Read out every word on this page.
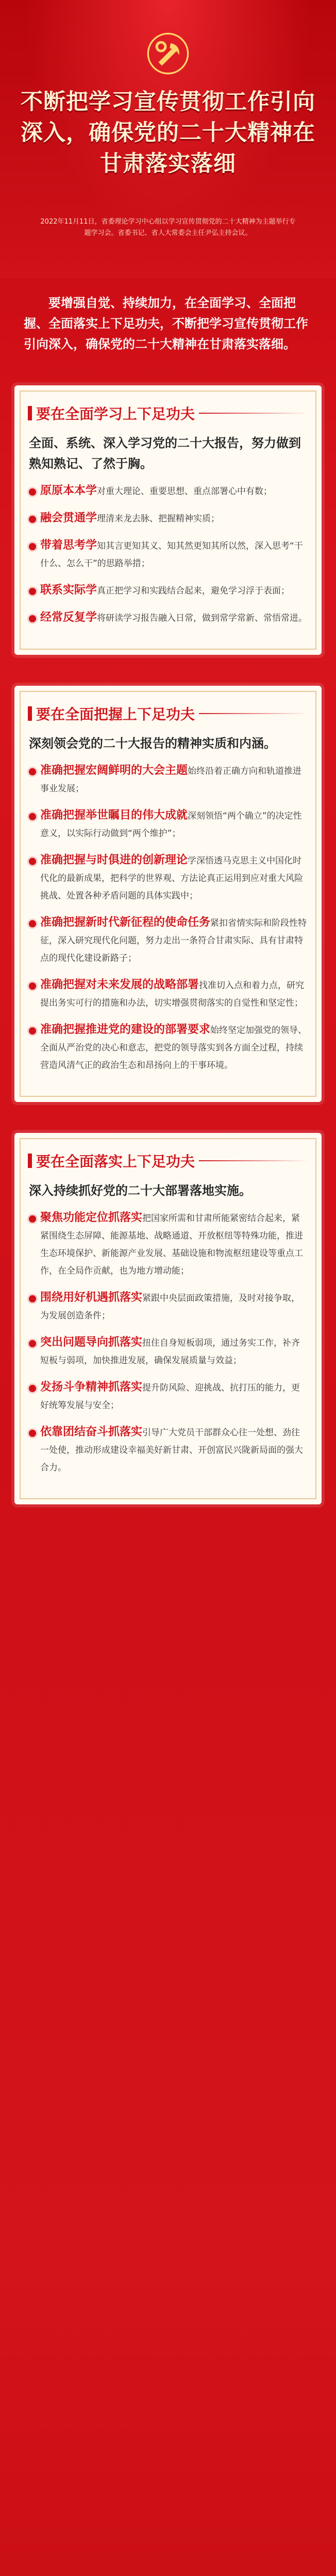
不断把学习宣传贯彻工作引向深入，确保党的二十大精神在甘肃落实落细
2022年11月11日，省委理论学习中心组以学习宣传贯彻党的二十大精神为主题举行专题学习会。省委书记、省人大常委会主任尹弘主持会议。
要增强自觉、持续加力，在全面学习、全面把握、全面落实上下足功夫，不断把学习宣传贯彻工作引向深入，确保党的二十大精神在甘肃落实落细。
要在全面学习上下足功夫
全面、系统、深入学习党的二十大报告，努力做到熟知熟记、了然于胸。

原原本本学对重大理论、重要思想、重点部署心中有数；

融会贯通学理清来龙去脉、把握精神实质；

带着思考学知其言更知其义、知其然更知其所以然，深入思考“干什么、怎么干”的思路举措；

联系实际学真正把学习和实践结合起来，避免学习浮于表面；

经常反复学将研读学习报告融入日常，做到常学常新、常悟常进。

要在全面把握上下足功夫
深刻领会党的二十大报告的精神实质和内涵。

准确把握宏阔鲜明的大会主题始终沿着正确方向和轨道推进事业发展；

准确把握举世瞩目的伟大成就深刻领悟“两个确立”的决定性意义，以实际行动做到“两个维护”；

准确把握与时俱进的创新理论学深悟透马克思主义中国化时代化的最新成果，把科学的世界观、方法论真正运用到应对重大风险挑战、处置各种矛盾问题的具体实践中；

准确把握新时代新征程的使命任务紧扣省情实际和阶段性特征，深入研究现代化问题，努力走出一条符合甘肃实际、具有甘肃特点的现代化建设新路子；

准确把握对未来发展的战略部署找准切入点和着力点，研究提出务实可行的措施和办法，切实增强贯彻落实的自觉性和坚定性；

准确把握推进党的建设的部署要求始终坚定加强党的领导、全面从严治党的决心和意志，把党的领导落实到各方面全过程，持续营造风清气正的政治生态和昂扬向上的干事环境。

要在全面落实上下足功夫
深入持续抓好党的二十大部署落地实施。

聚焦功能定位抓落实把国家所需和甘肃所能紧密结合起来，紧紧围绕生态屏障、能源基地、战略通道、开放枢纽等特殊功能，推进生态环境保护、新能源产业发展、基础设施和物流枢纽建设等重点工作，在全局作贡献，也为地方增动能；

围绕用好机遇抓落实紧跟中央层面政策措施，及时对接争取，为发展创造条件；

突出问题导向抓落实扭住自身短板弱项，通过务实工作，补齐短板与弱项，加快推进发展，确保发展质量与效益；

发扬斗争精神抓落实提升防风险、迎挑战、抗打压的能力，更好统筹发展与安全；

依靠团结奋斗抓落实引导广大党员干部群众心往一处想、劲往一处使，推动形成建设幸福美好新甘肃、开创富民兴陇新局面的强大合力。
